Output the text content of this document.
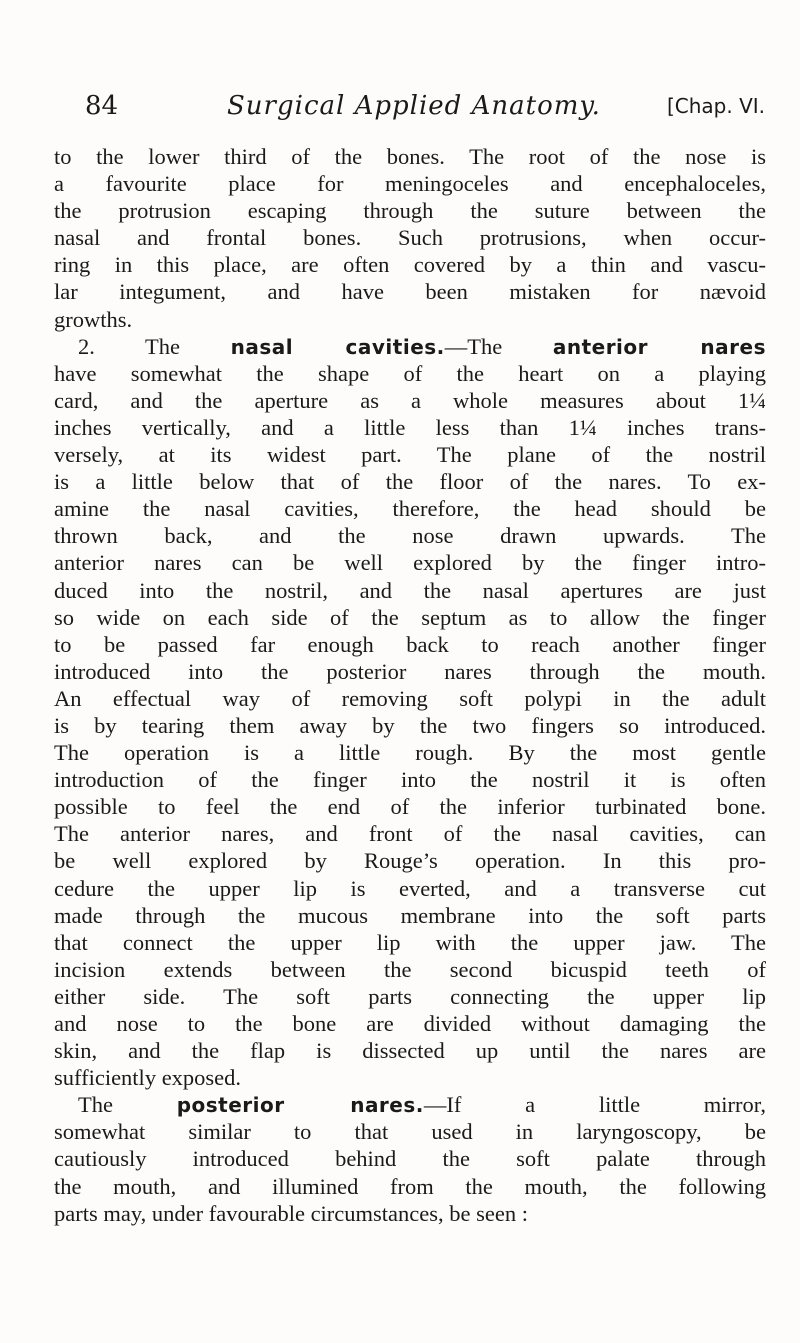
84	Surgical Applied Anatomy.	[Chap. VI.
to the lower third of the bones. The root of the nose is
a favourite place for meningoceles and encephaloceles,
the protrusion escaping through the suture between the
nasal and frontal bones. Such protrusions, when occur-
ring in this place, are often covered by a thin and vascu-
lar integument, and have been mistaken for nævoid
growths.
2. The nasal cavities.—The anterior nares
have somewhat the shape of the heart on a playing
card, and the aperture as a whole measures about 1¼
inches vertically, and a little less than 1¼ inches trans-
versely, at its widest part. The plane of the nostril
is a little below that of the floor of the nares. To ex-
amine the nasal cavities, therefore, the head should be
thrown back, and the nose drawn upwards. The
anterior nares can be well explored by the finger intro-
duced into the nostril, and the nasal apertures are just
so wide on each side of the septum as to allow the finger
to be passed far enough back to reach another finger
introduced into the posterior nares through the mouth.
An effectual way of removing soft polypi in the adult
is by tearing them away by the two fingers so introduced.
The operation is a little rough. By the most gentle
introduction of the finger into the nostril it is often
possible to feel the end of the inferior turbinated bone.
The anterior nares, and front of the nasal cavities, can
be well explored by Rouge’s operation. In this pro-
cedure the upper lip is everted, and a transverse cut
made through the mucous membrane into the soft parts
that connect the upper lip with the upper jaw. The
incision extends between the second bicuspid teeth of
either side. The soft parts connecting the upper lip
and nose to the bone are divided without damaging the
skin, and the flap is dissected up until the nares are
sufficiently exposed.
The posterior nares.—If a little mirror,
somewhat similar to that used in laryngoscopy, be
cautiously introduced behind the soft palate through
the mouth, and illumined from the mouth, the following
parts may, under favourable circumstances, be seen :
